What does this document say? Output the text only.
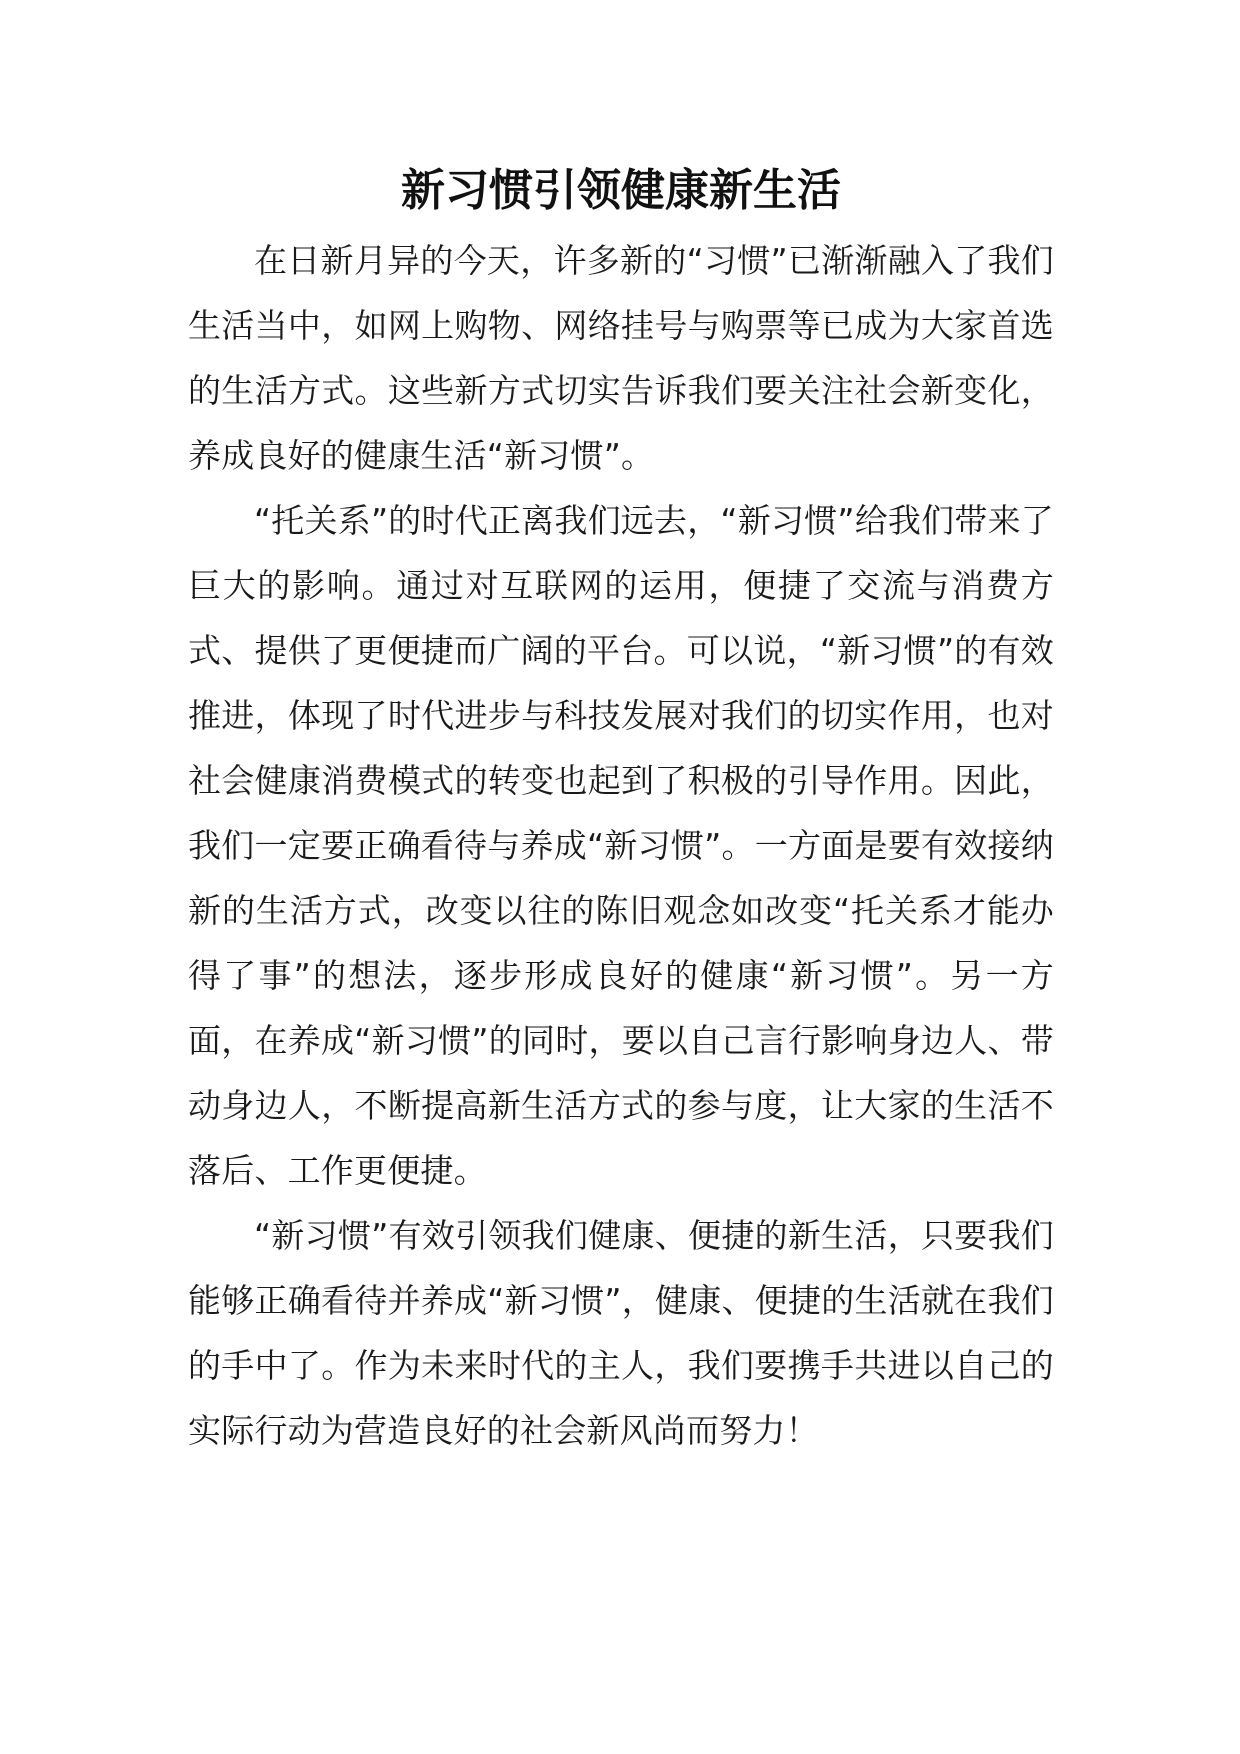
新习惯引领健康新生活

在日新月异的今天，许多新的“习惯”已渐渐融入了我们生活当中，如网上购物、网络挂号与购票等已成为大家首选的生活方式。这些新方式切实告诉我们要关注社会新变化，养成良好的健康生活“新习惯”。

“托关系”的时代正离我们远去，“新习惯”给我们带来了巨大的影响。通过对互联网的运用，便捷了交流与消费方式、提供了更便捷而广阔的平台。可以说，“新习惯”的有效推进，体现了时代进步与科技发展对我们的切实作用，也对社会健康消费模式的转变也起到了积极的引导作用。因此，我们一定要正确看待与养成“新习惯”。一方面是要有效接纳新的生活方式，改变以往的陈旧观念如改变“托关系才能办得了事”的想法，逐步形成良好的健康“新习惯”。另一方面，在养成“新习惯”的同时，要以自己言行影响身边人、带动身边人，不断提高新生活方式的参与度，让大家的生活不落后、工作更便捷。

“新习惯”有效引领我们健康、便捷的新生活，只要我们能够正确看待并养成“新习惯”，健康、便捷的生活就在我们的手中了。作为未来时代的主人，我们要携手共进以自己的实际行动为营造良好的社会新风尚而努力！
